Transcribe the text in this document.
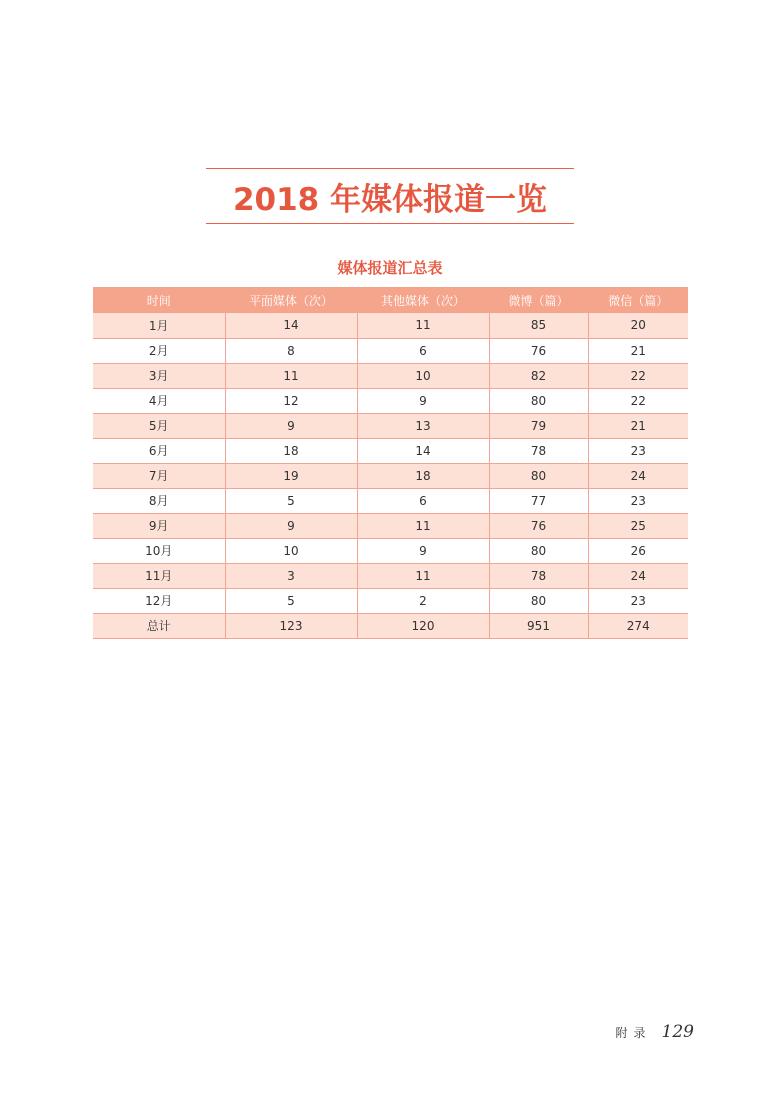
2018 年媒体报道一览
媒体报道汇总表
时间	平面媒体（次）	其他媒体（次）	微博（篇）	微信（篇）
1月	14	11	85	20
2月	8	6	76	21
3月	11	10	82	22
4月	12	9	80	22
5月	9	13	79	21
6月	18	14	78	23
7月	19	18	80	24
8月	5	6	77	23
9月	9	11	76	25
10月	10	9	80	26
11月	3	11	78	24
12月	5	2	80	23
总计	123	120	951	274
附录 129
